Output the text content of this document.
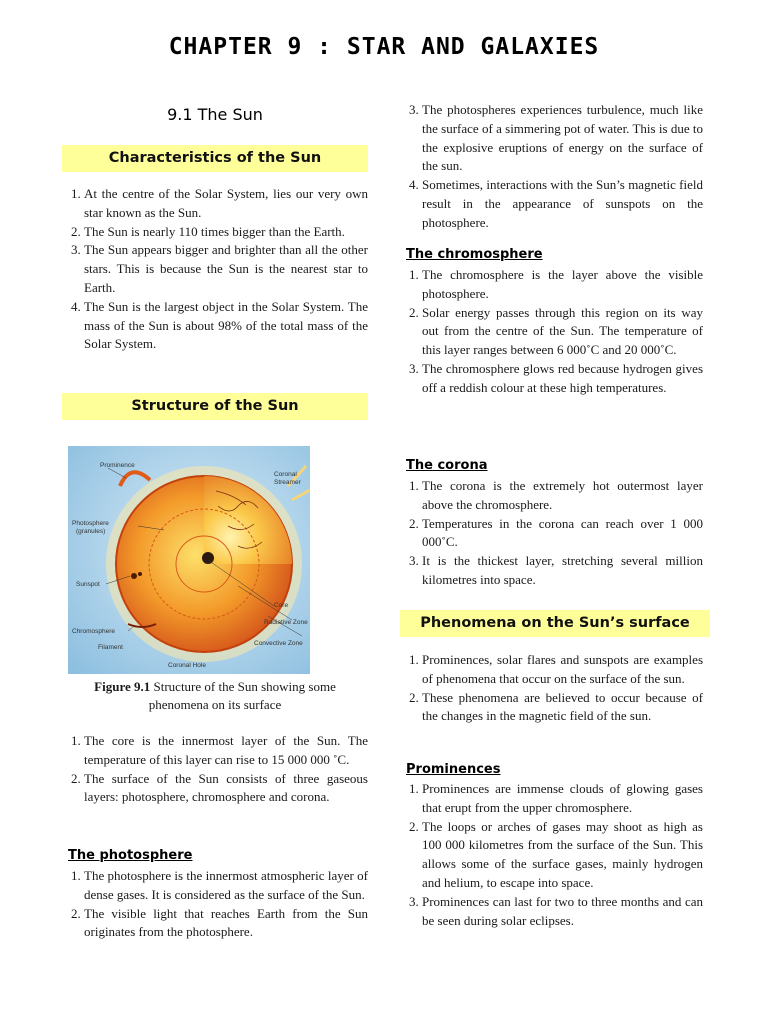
CHAPTER 9 : STAR AND GALAXIES
9.1 The Sun
Characteristics of the Sun
1. At the centre of the Solar System, lies our very own star known as the Sun.
2. The Sun is nearly 110 times bigger than the Earth.
3. The Sun appears bigger and brighter than all the other stars. This is because the Sun is the nearest star to Earth.
4. The Sun is the largest object in the Solar System. The mass of the Sun is about 98% of the total mass of the Solar System.
Structure of the Sun
Prominence
Coronal
Streamer
Photosphere
(granules)
Sunspot
Core
Radiative Zone
Chromosphere
Convective Zone
Filament
Coronal Hole
Figure 9.1 Structure of the Sun showing some
phenomena on its surface
1. The core is the innermost layer of the Sun. The temperature of this layer can rise to 15 000 000 ˚C.
2. The surface of the Sun consists of three gaseous layers: photosphere, chromosphere and corona.
The photosphere
1. The photosphere is the innermost atmospheric layer of dense gases. It is considered as the surface of the Sun.
2. The visible light that reaches Earth from the Sun originates from the photosphere.
3. The photospheres experiences turbulence, much like the surface of a simmering pot of water. This is due to the explosive eruptions of energy on the surface of the sun.
4. Sometimes, interactions with the Sun’s magnetic field result in the appearance of sunspots on the photosphere.
The chromosphere
1. The chromosphere is the layer above the visible photosphere.
2. Solar energy passes through this region on its way out from the centre of the Sun. The temperature of this layer ranges between 6 000˚C and 20 000˚C.
3. The chromosphere glows red because hydrogen gives off a reddish colour at these high temperatures.
The corona
1. The corona is the extremely hot outermost layer above the chromosphere.
2. Temperatures in the corona can reach over 1 000 000˚C.
3. It is the thickest layer, stretching several million kilometres into space.
Phenomena on the Sun’s surface
1. Prominences, solar flares and sunspots are examples of phenomena that occur on the surface of the sun.
2. These phenomena are believed to occur because of the changes in the magnetic field of the sun.
Prominences
1. Prominences are immense clouds of glowing gases that erupt from the upper chromosphere.
2. The loops or arches of gases may shoot as high as 100 000 kilometres from the surface of the Sun. This allows some of the surface gases, mainly hydrogen and helium, to escape into space.
3. Prominences can last for two to three months and can be seen during solar eclipses.
